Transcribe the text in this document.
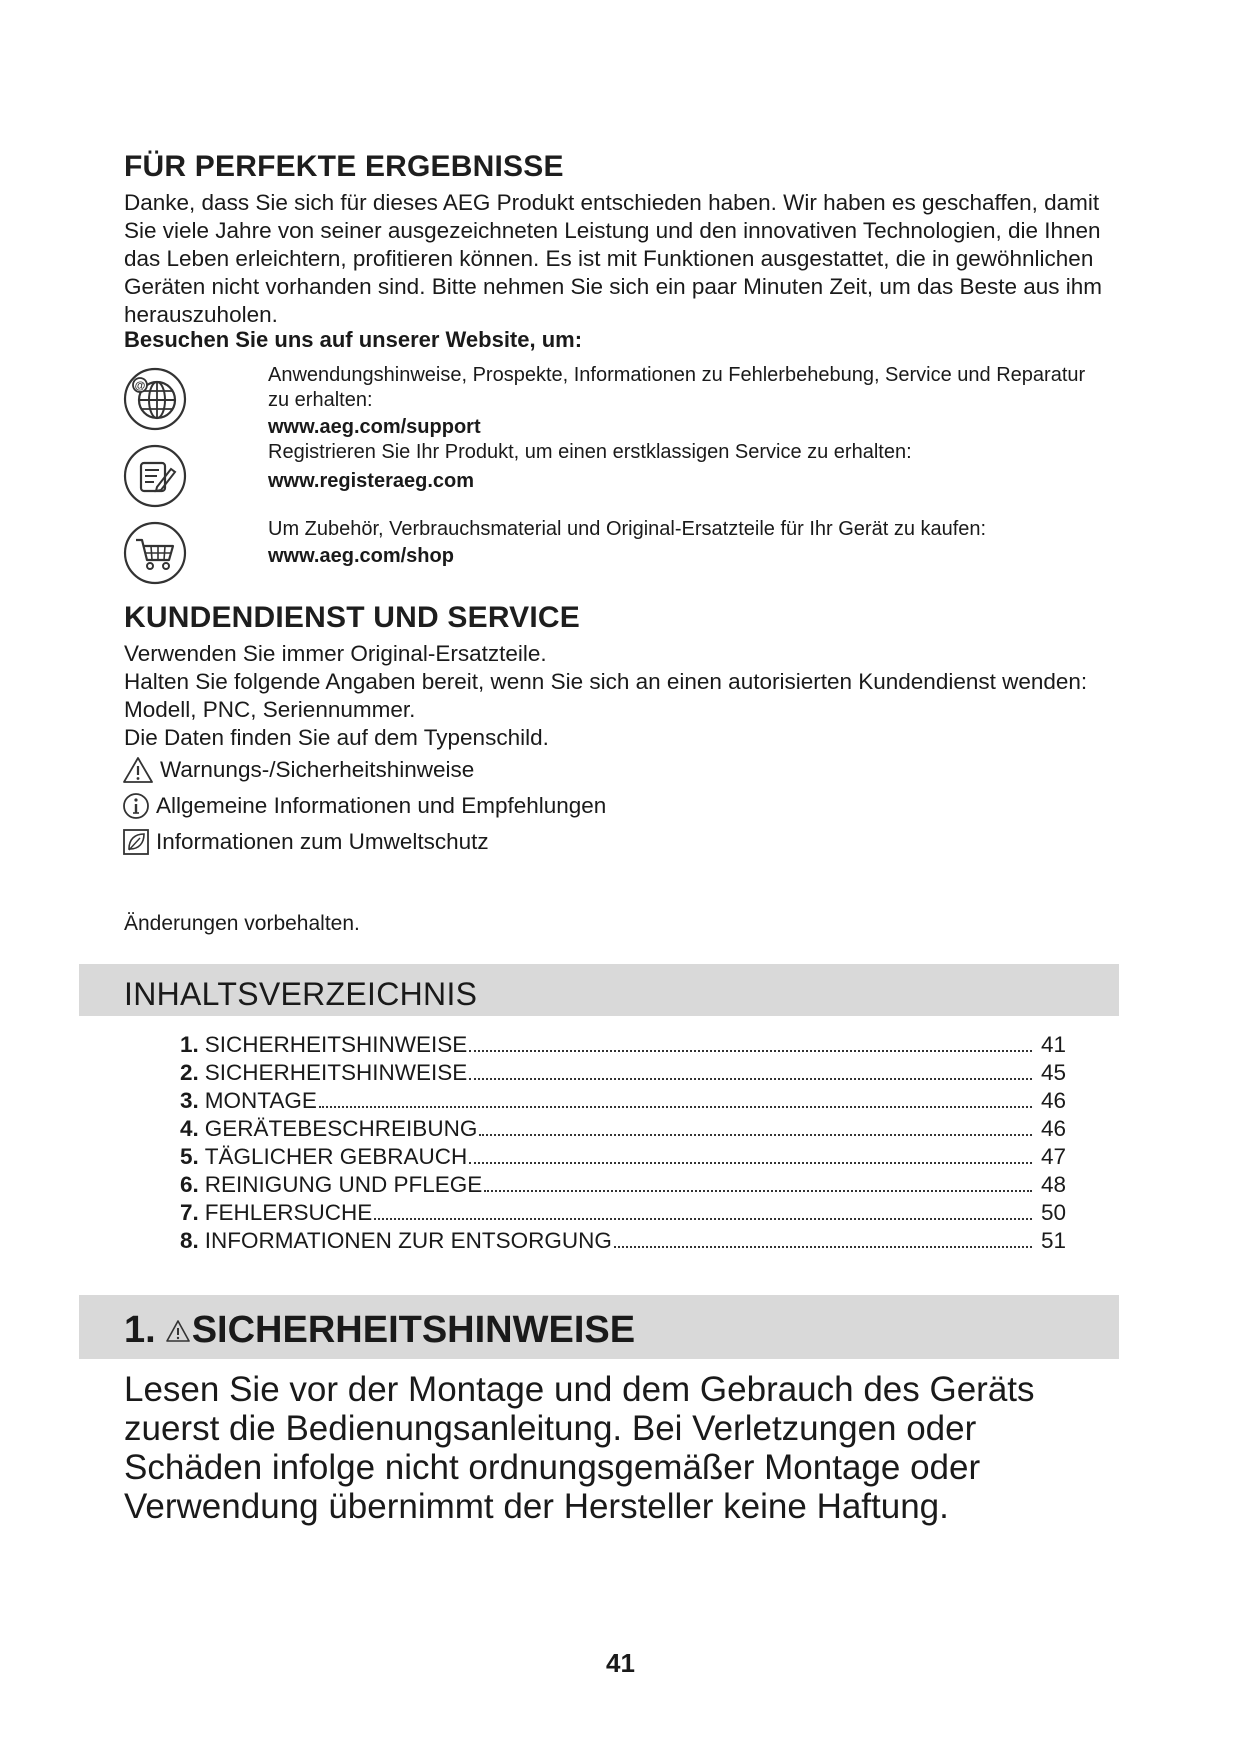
FÜR PERFEKTE ERGEBNISSE

Danke, dass Sie sich für dieses AEG Produkt entschieden haben. Wir haben es geschaffen, damit Sie viele Jahre von seiner ausgezeichneten Leistung und den innovativen Technologien, die Ihnen das Leben erleichtern, profitieren können. Es ist mit Funktionen ausgestattet, die in gewöhnlichen Geräten nicht vorhanden sind. Bitte nehmen Sie sich ein paar Minuten Zeit, um das Beste aus ihm herauszuholen.

Besuchen Sie uns auf unserer Website, um:

@	Anwendungshinweise, Prospekte, Informationen zu Fehlerbehebung, Service und Reparatur zu erhalten:
www.aeg.com/support

Registrieren Sie Ihr Produkt, um einen erstklassigen Service zu erhalten:
www.registeraeg.com

Um Zubehör, Verbrauchsmaterial und Original-Ersatzteile für Ihr Gerät zu kaufen:
www.aeg.com/shop

KUNDENDIENST UND SERVICE
Verwenden Sie immer Original-Ersatzteile.
Halten Sie folgende Angaben bereit, wenn Sie sich an einen autorisierten Kundendienst wenden: Modell, PNC, Seriennummer.
Die Daten finden Sie auf dem Typenschild.
Warnungs-/Sicherheitshinweise
Allgemeine Informationen und Empfehlungen
Informationen zum Umweltschutz

Änderungen vorbehalten.

INHALTSVERZEICHNIS
1. SICHERHEITSHINWEISE	41
2. SICHERHEITSHINWEISE	45
3. MONTAGE	46
4. GERÄTEBESCHREIBUNG	46
5. TÄGLICHER GEBRAUCH	47
6. REINIGUNG UND PFLEGE	48
7. FEHLERSUCHE	50
8. INFORMATIONEN ZUR ENTSORGUNG	51
1. SICHERHEITSHINWEISE

Lesen Sie vor der Montage und dem Gebrauch des Geräts zuerst die Bedienungsanleitung. Bei Verletzungen oder Schäden infolge nicht ordnungsgemäßer Montage oder Verwendung übernimmt der Hersteller keine Haftung.

41
